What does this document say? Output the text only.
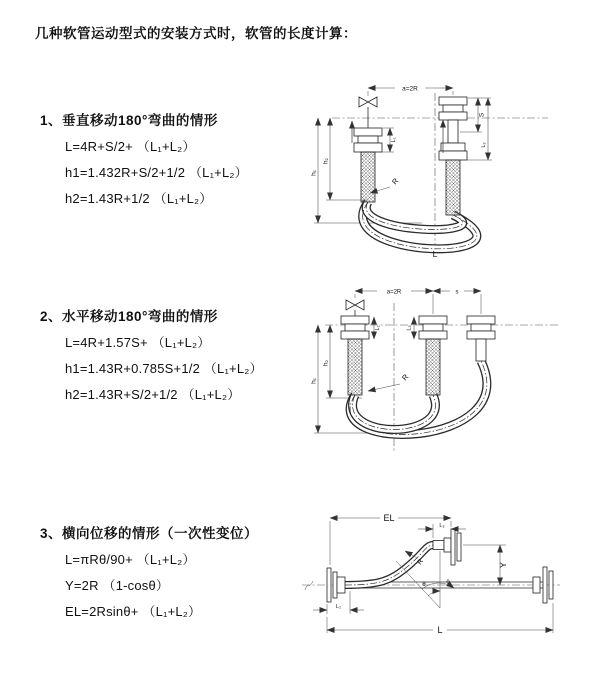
几种软管运动型式的安装方式时，软管的长度计算：
1、垂直移动180°弯曲的情形
L=4R+S/2+ （L₁+L₂）
h1=1.432R+S/2+1/2 （L₁+L₂）
h2=1.43R+1/2 （L₁+L₂）
2、水平移动180°弯曲的情形
L=4R+1.57S+ （L₁+L₂）
h1=1.43R+0.785S+1/2 （L₁+L₂）
h2=1.43R+S/2+1/2 （L₁+L₂）
3、横向位移的情形（一次性变位）
L=πRθ/90+ （L₁+L₂）
Y=2R （1-cosθ）
EL=2Rsinθ+ （L₁+L₂）
h₁
h₂
a=2R
S
L₂
L₁
R
L
h₁
h₂
a=2R	s
L₁	L₂
R
θ	θ
R
EL
L₂
Y
L₁
L
